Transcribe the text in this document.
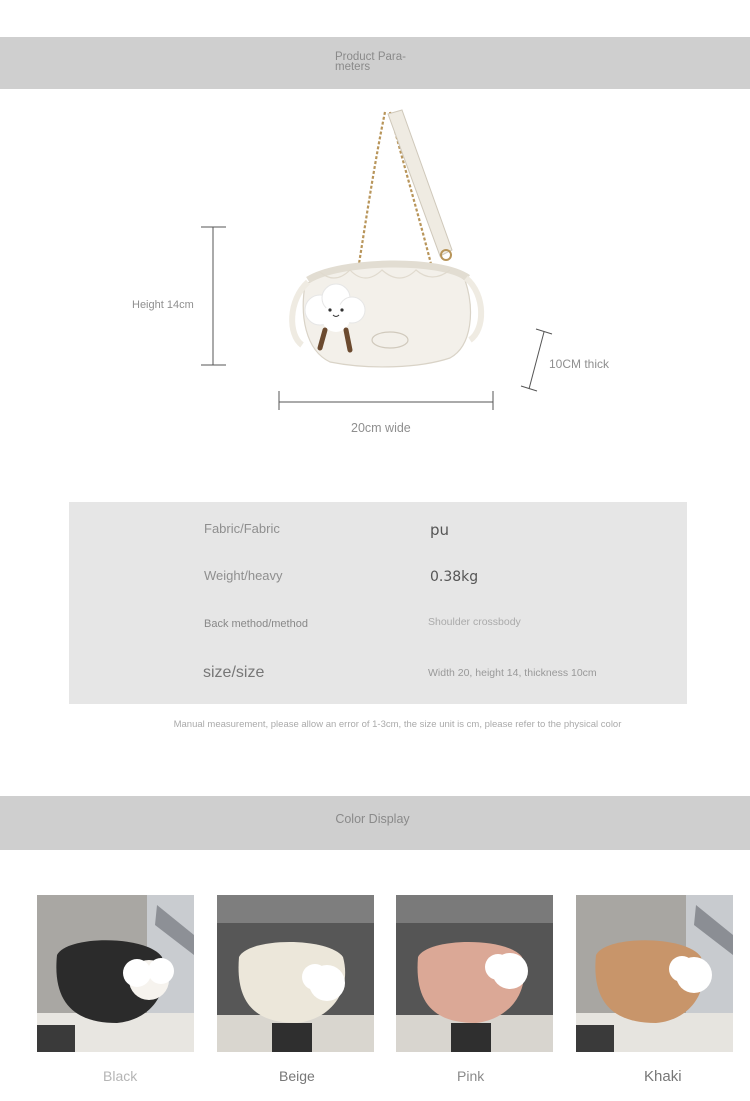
Product Para-meters
Height 14cm
10CM thick
20cm wide
Fabric/Fabric	pu
Weight/heavy	0.38kg
Back method/method	Shoulder crossbody
size/size	Width 20, height 14, thickness 10cm
Manual measurement, please allow an error of 1-3cm, the size unit is cm, please refer to the physical color
Color Display
Black	Beige	Pink	Khaki
